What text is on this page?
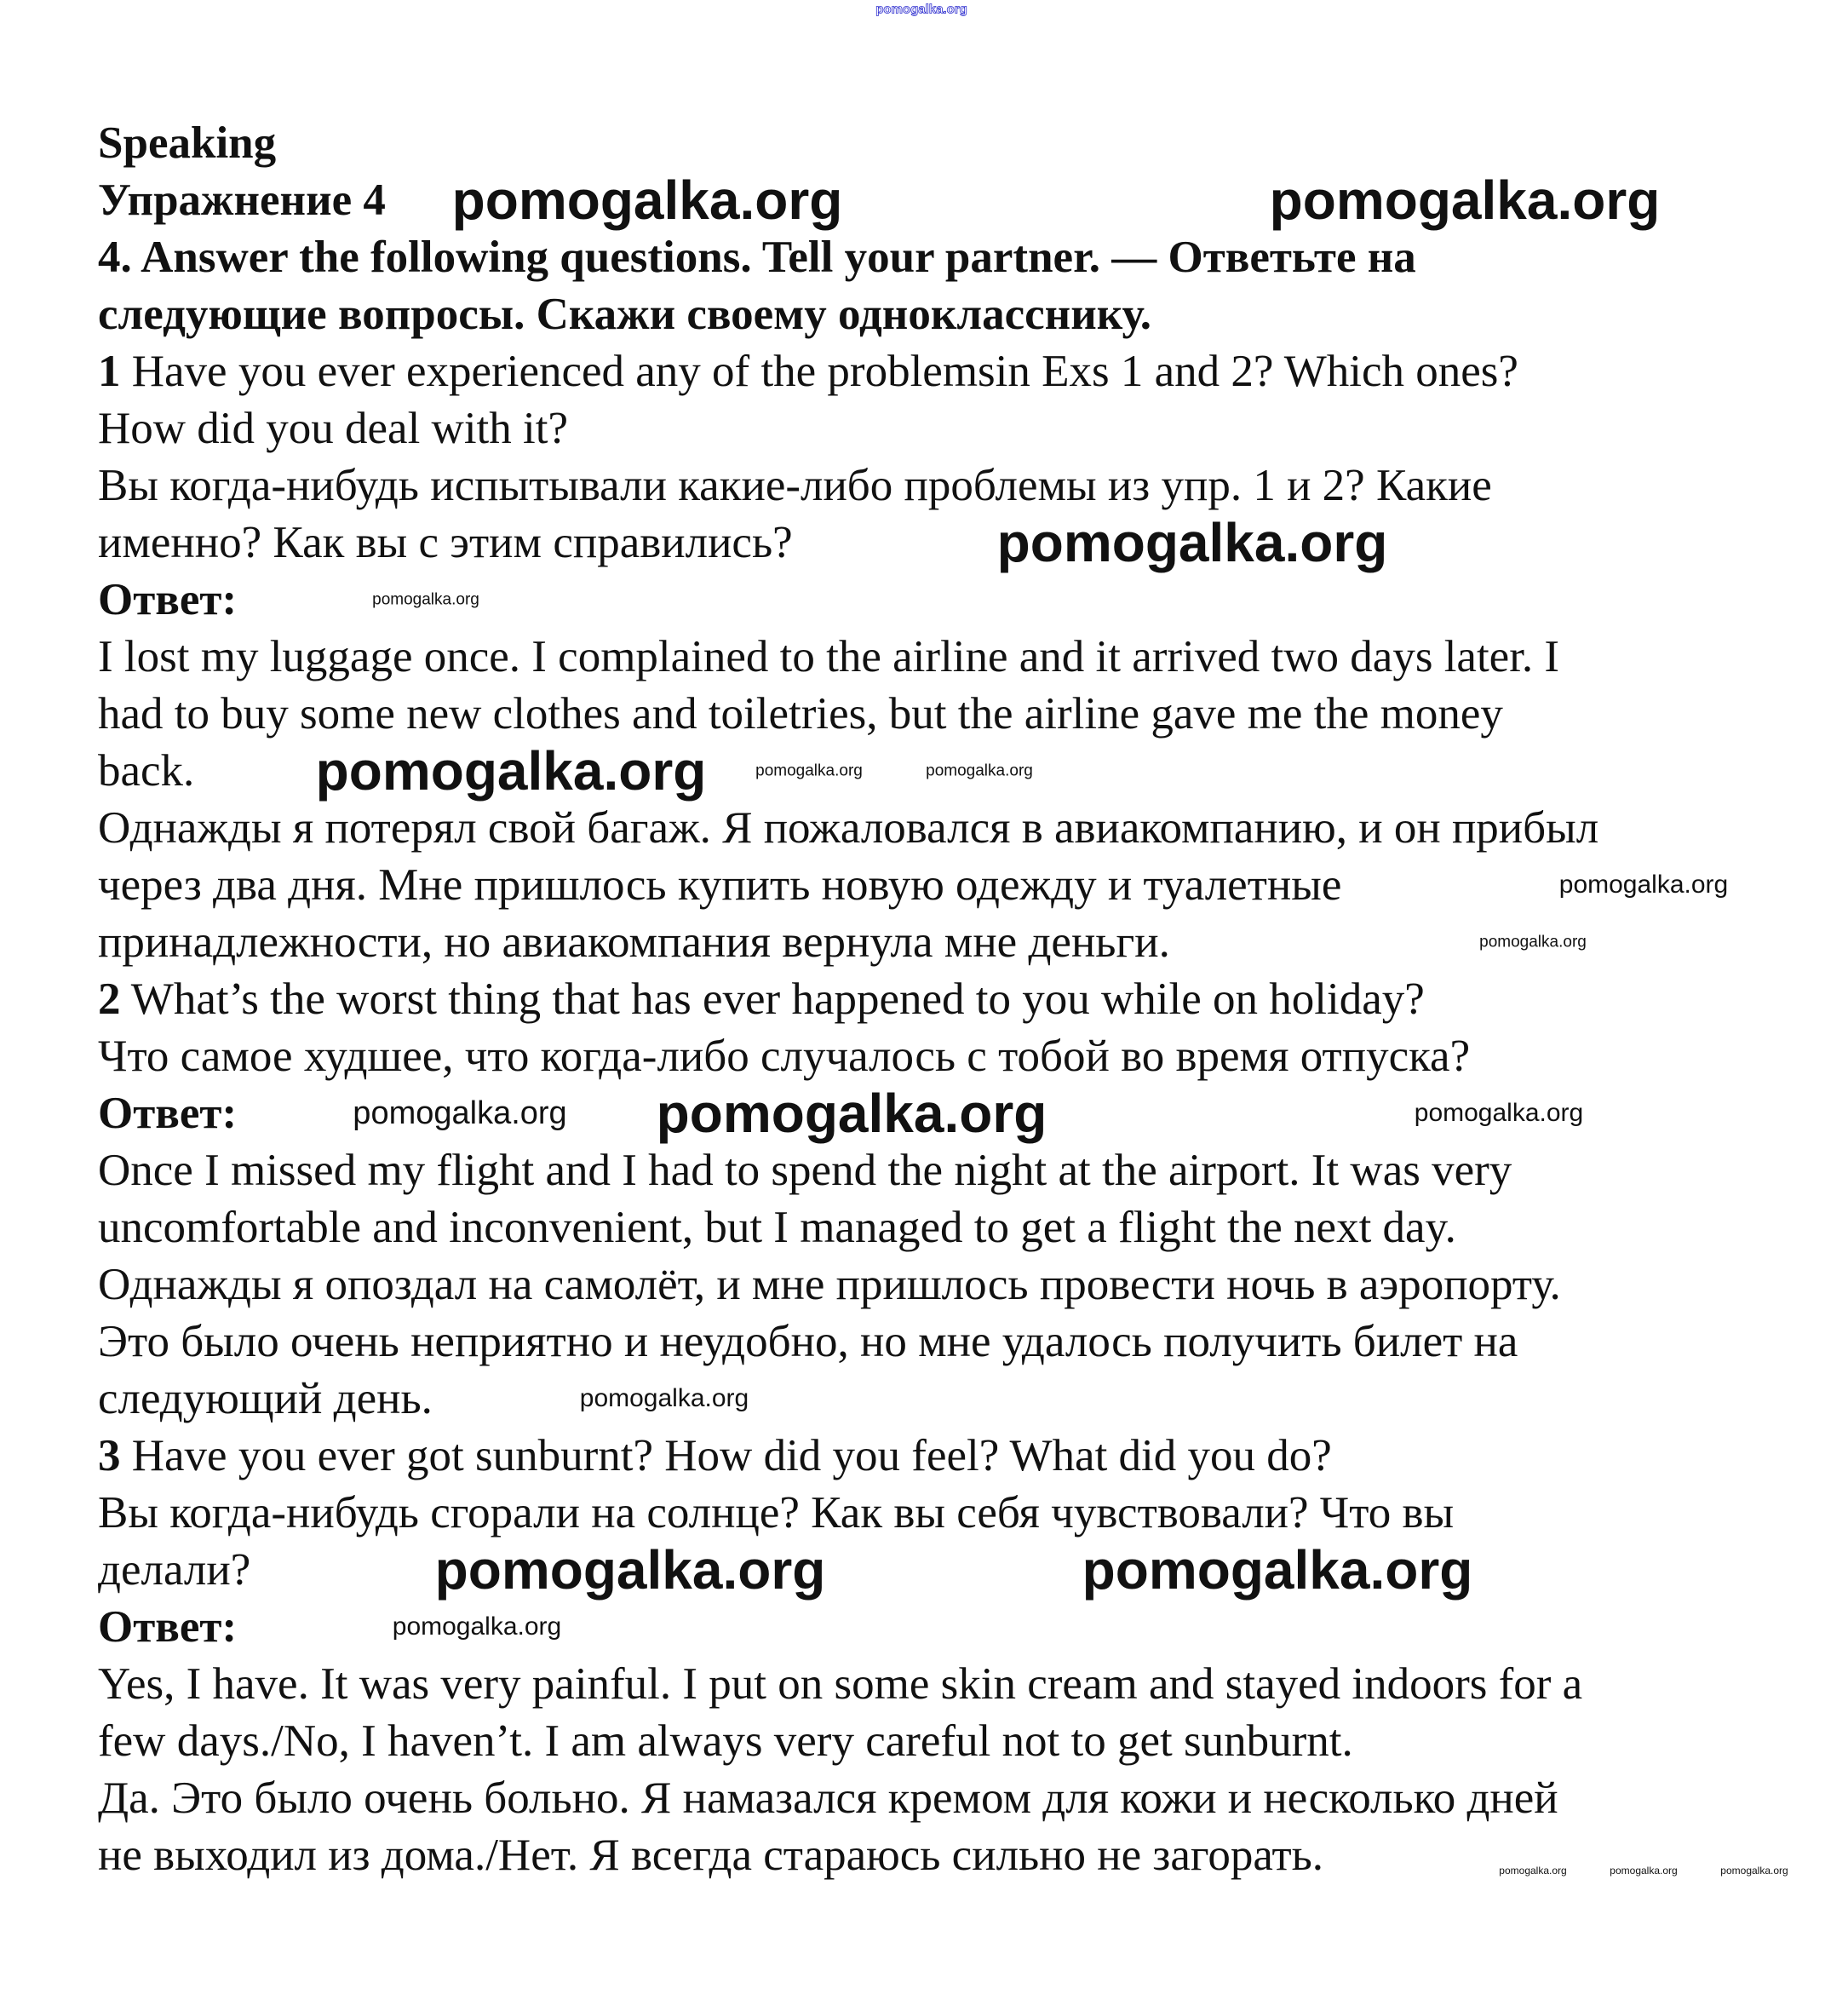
pomogalka.org
Speaking
Упражнение 4
4. Answer the following questions. Tell your partner. — Ответьте на
следующие вопросы. Скажи своему однокласснику.
1 Have you ever experienced any of the problemsin Exs 1 and 2? Which ones?
How did you deal with it?
Вы когда-нибудь испытывали какие-либо проблемы из упр. 1 и 2? Какие
именно? Как вы с этим справились?
Ответ:
I lost my luggage once. I complained to the airline and it arrived two days later. I
had to buy some new clothes and toiletries, but the airline gave me the money
back.
Однажды я потерял свой багаж. Я пожаловался в авиакомпанию, и он прибыл
через два дня. Мне пришлось купить новую одежду и туалетные
принадлежности, но авиакомпания вернула мне деньги.
2 What’s the worst thing that has ever happened to you while on holiday?
Что самое худшее, что когда-либо случалось с тобой во время отпуска?
Ответ:
Once I missed my flight and I had to spend the night at the airport. It was very
uncomfortable and inconvenient, but I managed to get a flight the next day.
Однажды я опоздал на самолёт, и мне пришлось провести ночь в аэропорту.
Это было очень неприятно и неудобно, но мне удалось получить билет на
следующий день.
3 Have you ever got sunburnt? How did you feel? What did you do?
Вы когда-нибудь сгорали на солнце? Как вы себя чувствовали? Что вы
делали?
Ответ:
Yes, I have. It was very painful. I put on some skin cream and stayed indoors for a
few days./No, I haven’t. I am always very careful not to get sunburnt.
Да. Это было очень больно. Я намазался кремом для кожи и несколько дней
не выходил из дома./Нет. Я всегда стараюсь сильно не загорать.
pomogalka.org	pomogalka.org
pomogalka.org
pomogalka.org
pomogalka.org
pomogalka.org	pomogalka.org
pomogalka.org
pomogalka.org
pomogalka.org
pomogalka.org
pomogalka.org
pomogalka.org
pomogalka.org	pomogalka.org
pomogalka.org
pomogalka.org	pomogalka.org	pomogalka.org
